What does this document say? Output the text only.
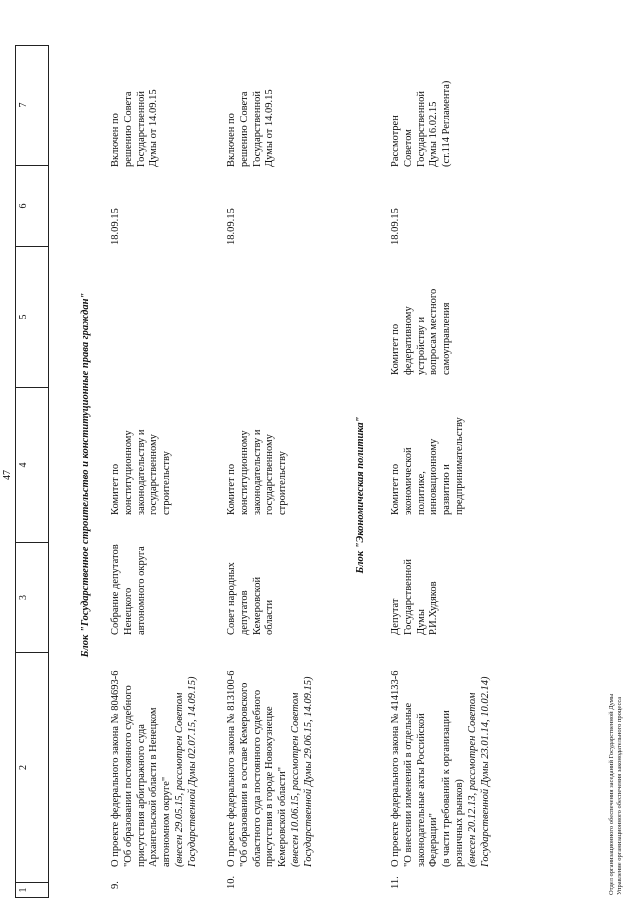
47
1
2
3
4
5
6
7
Блок "Государственное строительство и конституционные права граждан"
9.
О проекте федерального закона № 804693-6
"Об образовании постоянного судебного
присутствия арбитражного суда
Архангельской области в Ненецком
автономном округе"
(внесен 29.05.15, рассмотрен Советом
Государственной Думы 02.07.15, 14.09.15)
Собрание депутатов
Ненецкого
автономного округа
Комитет по
конституционному
законодательству и
государственному
строительству
18.09.15
Включен по
решению Совета
Государственной
Думы от 14.09.15
10.
О проекте федерального закона № 813100-6
"Об образовании в составе Кемеровского
областного суда постоянного судебного
присутствия в городе Новокузнецке
Кемеровской области"
(внесен 10.06.15, рассмотрен Советом
Государственной Думы 29.06.15, 14.09.15)
Совет народных
депутатов
Кемеровской
области
Комитет по
конституционному
законодательству и
государственному
строительству
18.09.15
Включен по
решению Совета
Государственной
Думы от 14.09.15
Блок "Экономическая политика"
11.
О проекте федерального закона № 414133-6
"О внесении изменений в отдельные
законодательные акты Российской
Федерации"
(в части требований к организации
розничных рынков)
(внесен 20.12.13, рассмотрен Советом
Государственной Думы 23.01.14, 10.02.14)
Депутат
Государственной
Думы
Р.И.Худяков
Комитет по
экономической
политике,
инновационному
развитию и
предпринимательству
Комитет по
федеративному
устройству и
вопросам местного
самоуправления
18.09.15
Рассмотрен
Советом
Государственной
Думы 16.02.15
(ст.114 Регламента)
Отдел организационного обеспечения заседаний Государственной Думы
Управление организационного обеспечения законодательного процесса
